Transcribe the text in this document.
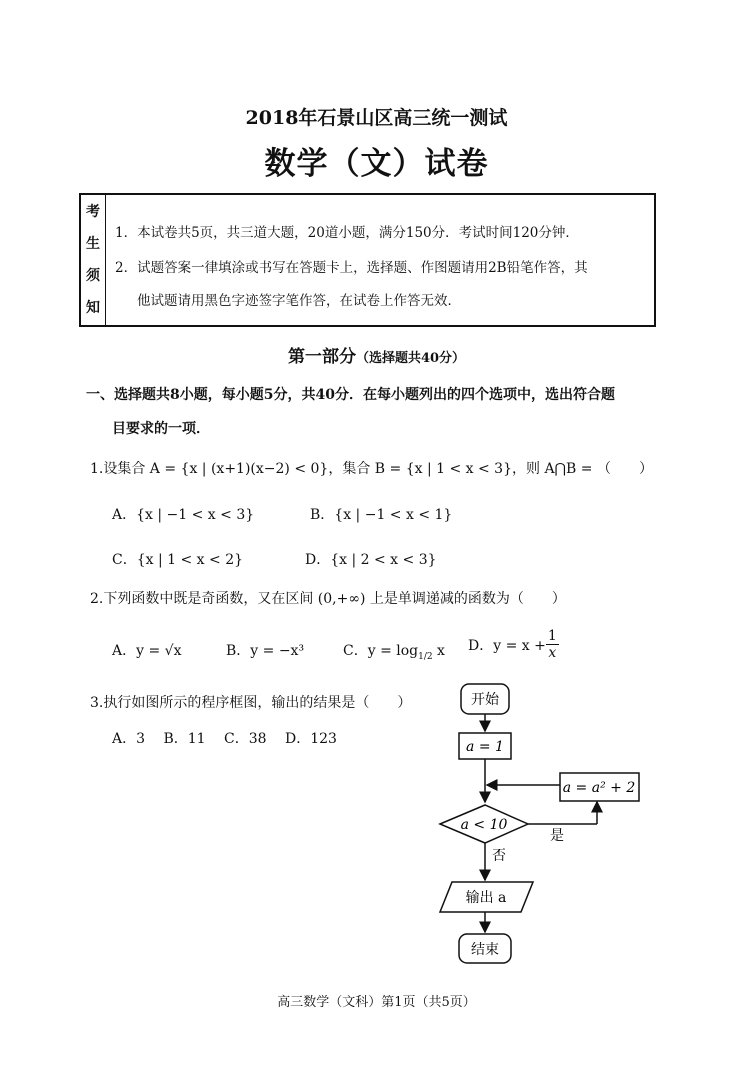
2018年石景山区高三统一测试
数学（文）试卷
考
生
须
知
1．本试卷共5页，共三道大题，20道小题，满分150分．考试时间120分钟．
2．试题答案一律填涂或书写在答题卡上，选择题、作图题请用2B铅笔作答，其
他试题请用黑色字迹签字笔作答，在试卷上作答无效．
第一部分（选择题共40分）
一、选择题共8小题，每小题5分，共40分．在每小题列出的四个选项中，选出符合题
目要求的一项．
1.设集合 A = {x | (x+1)(x−2) < 0}，集合 B = {x | 1 < x < 3}，则 A⋂B = （　　）
A．{x | −1 < x < 3}	B．{x | −1 < x < 1}
C．{x | 1 < x < 2}	D．{x | 2 < x < 3}
2.下列函数中既是奇函数，又在区间 (0,+∞) 上是单调递减的函数为（　　）
A．y = √x	B．y = −x³	C．$y = \log_{1/2} x$ D．$y = x + \frac{1}{x}$
3.执行如图所示的程序框图，输出的结果是（　　）
A．3　 B．11　 C．38　 D．123
开始
a = 1
a < 10
a = a² + 2
是
否
输出 a
结束
高三数学（文科）第1页（共5页）
